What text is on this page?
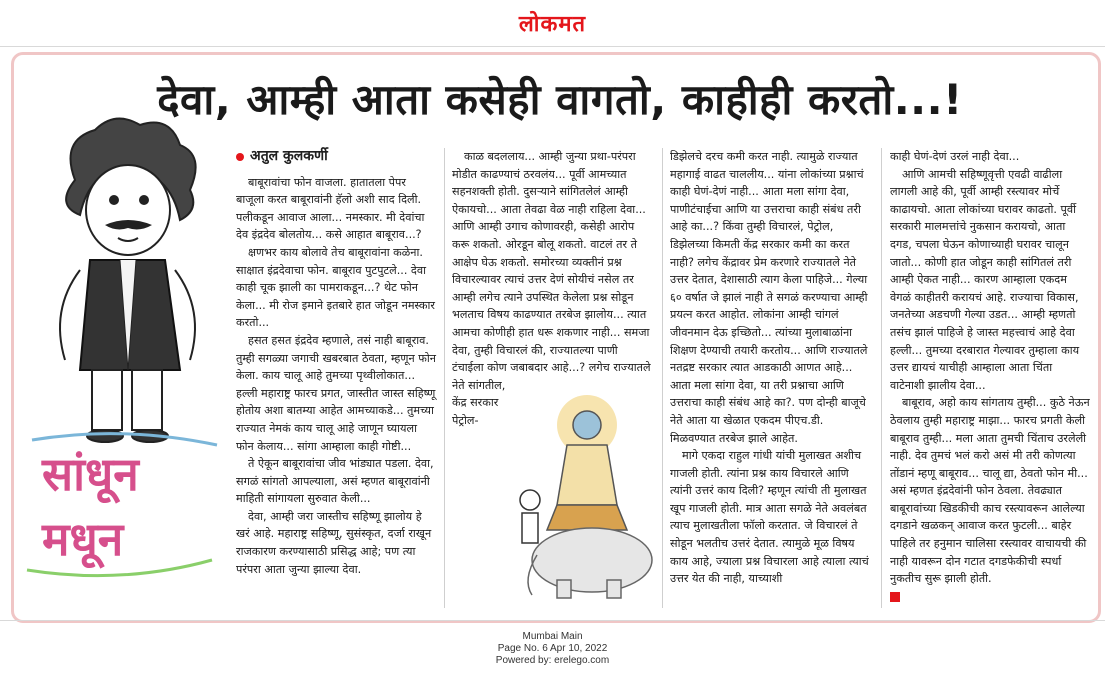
लोकमत
देवा, आम्ही आता कसेही वागतो, काहीही करतो...!
सांधून
मधून
अतुल कुलकर्णी

बाबूरावांचा फोन वाजला. हातातला पेपर बाजूला करत बाबूरावांनी हॅलो अशी साद दिली. पलीकडून आवाज आला... नमस्कार. मी देवांचा देव इंद्रदेव बोलतोय... कसे आहात बाबूराव...?

क्षणभर काय बोलावे तेच बाबूरावांना कळेना. साक्षात इंद्रदेवाचा फोन. बाबूराव पुटपुटले... देवा काही चूक झाली का पामराकडून...? थेट फोन केला... मी रोज इमाने इतबारे हात जोडून नमस्कार करतो...

हसत हसत इंद्रदेव म्हणाले, तसं नाही बाबूराव. तुम्ही सगळ्या जगाची खबरबात ठेवता, म्हणून फोन केला. काय चालू आहे तुमच्या पृथ्वीलोकात... हल्ली महाराष्ट्र फारच प्रगत, जास्तीत जास्त सहिष्णू होतोय अशा बातम्या आहेत आमच्याकडे... तुमच्या राज्यात नेमकं काय चालू आहे जाणून घ्यायला फोन केलाय... सांगा आम्हाला काही गोष्टी...

ते ऐकून बाबूरावांचा जीव भांड्यात पडला. देवा, सगळं सांगतो आपल्याला, असं म्हणत बाबूरावांनी माहिती सांगायला सुरुवात केली...

देवा, आम्ही जरा जास्तीच सहिष्णू झालोय हे खरं आहे. महाराष्ट्र सहिष्णू, सुसंस्कृत, दर्जा राखून राजकारण करण्यासाठी प्रसिद्ध आहे; पण त्या परंपरा आता जुन्या झाल्या देवा.

काळ बदललाय... आम्ही जुन्या प्रथा-परंपरा मोडीत काढण्याचं ठरवलंय... पूर्वी आमच्यात सहनशक्ती होती. दुसऱ्याने सांगितलेलं आम्ही ऐकायचो... आता तेवढा वेळ नाही राहिला देवा... आणि आम्ही उगाच कोणावरही, कसेही आरोप करू शकतो. ओरडून बोलू शकतो. वाटलं तर ते आक्षेप घेऊ शकतो. समोरच्या व्यक्तीनं प्रश्न विचारल्यावर त्याचं उत्तर देणं सोयीचं नसेल तर आम्ही लगेच त्याने उपस्थित केलेला प्रश्न सोडून भलताच विषय काढण्यात तरबेज झालोय... त्यात आमचा कोणीही हात धरू शकणार नाही... समजा देवा, तुम्ही विचारलं की, राज्यातल्या पाणी टंचाईला कोण जबाबदार आहे...? लगेच राज्यातले नेते सांगतील,

केंद्र सरकार

पेट्रोल-

डिझेलचे दरच कमी करत नाही. त्यामुळे राज्यात महागाई वाढत चाललीय... यांना लोकांच्या प्रश्नाचं काही घेणं-देणं नाही... आता मला सांगा देवा, पाणीटंचाईचा आणि या उत्तराचा काही संबंध तरी आहे का...? किंवा तुम्ही विचारलं, पेट्रोल, डिझेलच्या किमती केंद्र सरकार कमी का करत नाही? लगेच केंद्रावर प्रेम करणारे राज्यातले नेते उत्तर देतात, देशासाठी त्याग केला पाहिजे... गेल्या ६० वर्षात जे झालं नाही ते सगळं करण्याचा आम्ही प्रयत्न करत आहोत. लोकांना आम्ही चांगलं जीवनमान देऊ इच्छितो... त्यांच्या मुलाबाळांना शिक्षण देण्याची तयारी करतोय... आणि राज्यातले नतद्रष्ट सरकार त्यात आडकाठी आणत आहे... आता मला सांगा देवा, या तरी प्रश्नाचा आणि उत्तराचा काही संबंध आहे का?. पण दोन्ही बाजूचे नेते आता या खेळात एकदम पीएच.डी. मिळवण्यात तरबेज झाले आहेत.

मागे एकदा राहुल गांधी यांची मुलाखत अशीच गाजली होती. त्यांना प्रश्न काय विचारले आणि त्यांनी उत्तरं काय दिली? म्हणून त्यांची ती मुलाखत खूप गाजली होती. मात्र आता सगळे नेते अवलंबत त्याच मुलाखतीला फॉलो करतात. जे विचारलं ते सोडून भलतीच उत्तरं देतात. त्यामुळे मूळ विषय काय आहे, ज्याला प्रश्न विचारला आहे त्याला त्याचं उत्तर येत की नाही, याच्याशी

काही घेणं-देणं उरलं नाही देवा...

आणि आमची सहिष्णूवृत्ती एवढी वाढीला लागली आहे की, पूर्वी आम्ही रस्त्यावर मोर्चे काढायचो. आता लोकांच्या घरावर काढतो. पूर्वी सरकारी मालमत्तांचे नुकसान करायचो, आता दगड, चपला घेऊन कोणाच्याही घरावर चालून जातो... कोणी हात जोडून काही सांगितलं तरी आम्ही ऐकत नाही... कारण आम्हाला एकदम वेगळं काहीतरी करायचं आहे. राज्याचा विकास, जनतेच्या अडचणी गेल्या उडत... आम्ही म्हणतो तसंच झालं पाहिजे हे जास्त महत्त्वाचं आहे देवा हल्ली... तुमच्या दरबारात गेल्यावर तुम्हाला काय उत्तर द्यायचं याचीही आम्हाला आता चिंता वाटेनाशी झालीय देवा...

बाबूराव, अहो काय सांगताय तुम्ही... कुठे नेऊन ठेवलाय तुम्ही महाराष्ट्र माझा... फारच प्रगती केली बाबूराव तुम्ही... मला आता तुमची चिंताच उरलेली नाही. देव तुमचं भलं करो असं मी तरी कोणत्या तोंडानं म्हणू बाबूराव... चालू द्या, ठेवतो फोन मी... असं म्हणत इंद्रदेवांनी फोन ठेवला. तेवढ्यात बाबूरावांच्या खिडकीची काच रस्त्यावरून आलेल्या दगडाने खळकन्‌ आवाज करत फुटली... बाहेर पाहिले तर हनुमान चालिसा रस्त्यावर वाचायची की नाही यावरून दोन गटात दगडफेकीची स्पर्धा नुकतीच सुरू झाली होती.

Mumbai Main
Page No. 6 Apr 10, 2022
Powered by: erelego.com
